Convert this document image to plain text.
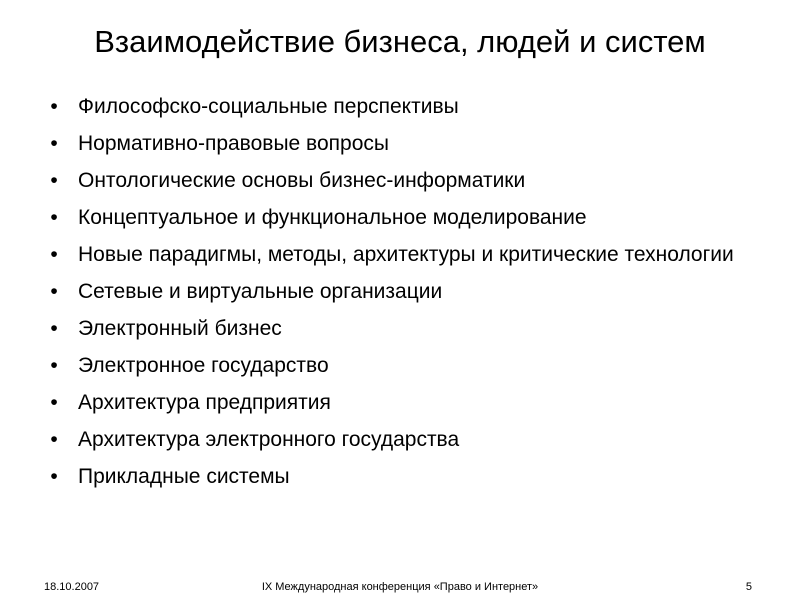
Взаимодействие бизнеса, людей и систем
• Философско-социальные перспективы
• Нормативно-правовые вопросы
• Онтологические основы бизнес-информатики
• Концептуальное и функциональное моделирование
• Новые парадигмы, методы, архитектуры и критические технологии
• Сетевые и виртуальные организации
• Электронный бизнес
• Электронное государство
• Архитектура предприятия
• Архитектура электронного государства
• Прикладные системы
18.10.2007	IX Международная конференция «Право и Интернет»	5
